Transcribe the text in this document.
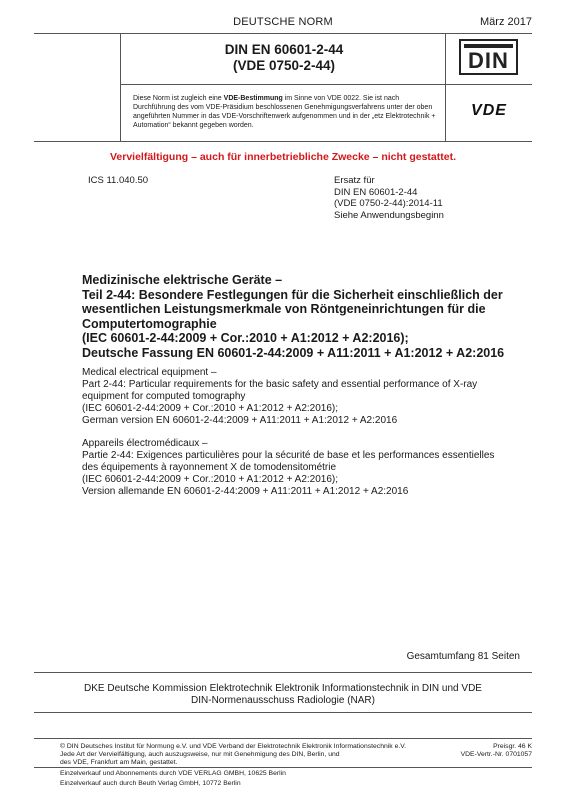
DEUTSCHE NORM	März 2017
DIN EN 60601-2-44
(VDE 0750-2-44)	DIN
Diese Norm ist zugleich eine VDE-Bestimmung im Sinne von VDE 0022. Sie ist nach Durchführung des vom VDE-Präsidium beschlossenen Genehmigungsverfahrens unter der oben angeführten Nummer in das VDE-Vorschriftenwerk aufgenommen und in der „etz Elektrotechnik + Automation“ bekannt gegeben worden.
VDE
Vervielfältigung – auch für innerbetriebliche Zwecke – nicht gestattet.
ICS 11.040.50	Ersatz für
DIN EN 60601-2-44
(VDE 0750-2-44):2014-11
Siehe Anwendungsbeginn
Medizinische elektrische Geräte –
Teil 2-44: Besondere Festlegungen für die Sicherheit einschließlich der
wesentlichen Leistungsmerkmale von Röntgeneinrichtungen für die
Computertomographie
(IEC 60601-2-44:2009 + Cor.:2010 + A1:2012 + A2:2016);
Deutsche Fassung EN 60601-2-44:2009 + A11:2011 + A1:2012 + A2:2016
Medical electrical equipment –
Part 2-44: Particular requirements for the basic safety and essential performance of X-ray
equipment for computed tomography
(IEC 60601-2-44:2009 + Cor.:2010 + A1:2012 + A2:2016);
German version EN 60601-2-44:2009 + A11:2011 + A1:2012 + A2:2016
Appareils électromédicaux –
Partie 2-44: Exigences particulières pour la sécurité de base et les performances essentielles
des équipements à rayonnement X de tomodensitométrie
(IEC 60601-2-44:2009 + Cor.:2010 + A1:2012 + A2:2016);
Version allemande EN 60601-2-44:2009 + A11:2011 + A1:2012 + A2:2016
Gesamtumfang 81 Seiten
DKE Deutsche Kommission Elektrotechnik Elektronik Informationstechnik in DIN und VDE
DIN-Normenausschuss Radiologie (NAR)
© DIN Deutsches Institut für Normung e.V. und VDE Verband der Elektrotechnik Elektronik Informationstechnik e.V.
Jede Art der Vervielfältigung, auch auszugsweise, nur mit Genehmigung des DIN, Berlin, und
des VDE, Frankfurt am Main, gestattet.
Preisgr. 46 K
VDE-Vertr.-Nr. 0701057
Einzelverkauf und Abonnements durch VDE VERLAG GMBH, 10625 Berlin
Einzelverkauf auch durch Beuth Verlag GmbH, 10772 Berlin
